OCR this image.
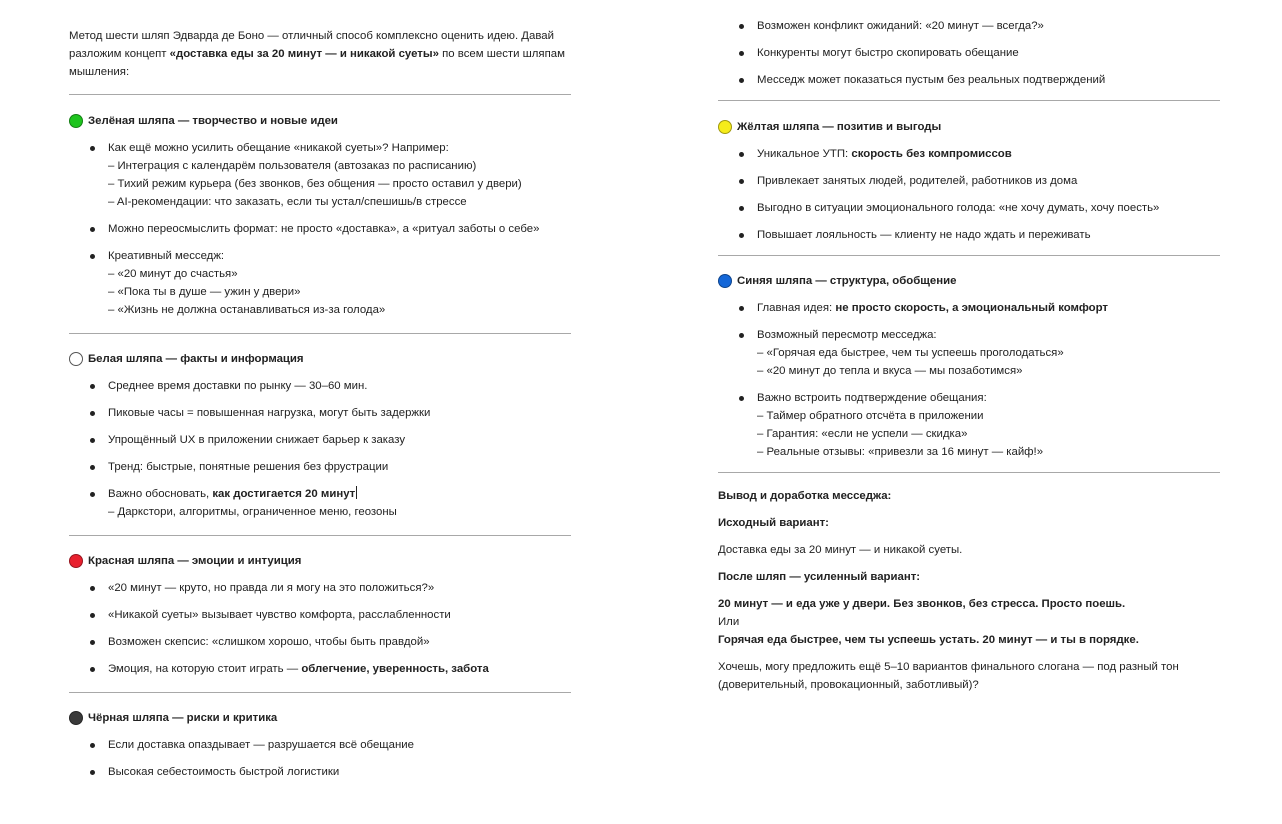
Метод шести шляп Эдварда де Боно — отличный способ комплексно оценить идею. Давай разложим концепт «доставка еды за 20 минут — и никакой суеты» по всем шести шляпам мышления:

Зелёная шляпа — творчество и новые идеи
Как ещё можно усилить обещание «никакой суеты»? Например:
– Интеграция с календарём пользователя (автозаказ по расписанию)
– Тихий режим курьера (без звонков, без общения — просто оставил у двери)
– AI-рекомендации: что заказать, если ты устал/спешишь/в стрессе
Можно переосмыслить формат: не просто «доставка», а «ритуал заботы о себе»
Креативный месседж:
– «20 минут до счастья»
– «Пока ты в душе — ужин у двери»
– «Жизнь не должна останавливаться из-за голода»
Белая шляпа — факты и информация
Среднее время доставки по рынку — 30–60 мин.
Пиковые часы = повышенная нагрузка, могут быть задержки
Упрощённый UX в приложении снижает барьер к заказу
Тренд: быстрые, понятные решения без фрустрации
Важно обосновать, как достигается 20 минут
– Даркстори, алгоритмы, ограниченное меню, геозоны
Красная шляпа — эмоции и интуиция
«20 минут — круто, но правда ли я могу на это положиться?»
«Никакой суеты» вызывает чувство комфорта, расслабленности
Возможен скепсис: «слишком хорошо, чтобы быть правдой»
Эмоция, на которую стоит играть — облегчение, уверенность, забота
Чёрная шляпа — риски и критика
Если доставка опаздывает — разрушается всё обещание
Высокая себестоимость быстрой логистики
Возможен конфликт ожиданий: «20 минут — всегда?»
Конкуренты могут быстро скопировать обещание
Месседж может показаться пустым без реальных подтверждений
Жёлтая шляпа — позитив и выгоды
Уникальное УТП: скорость без компромиссов
Привлекает занятых людей, родителей, работников из дома
Выгодно в ситуации эмоционального голода: «не хочу думать, хочу поесть»
Повышает лояльность — клиенту не надо ждать и переживать
Синяя шляпа — структура, обобщение
Главная идея: не просто скорость, а эмоциональный комфорт
Возможный пересмотр месседжа:
– «Горячая еда быстрее, чем ты успеешь проголодаться»
– «20 минут до тепла и вкуса — мы позаботимся»
Важно встроить подтверждение обещания:
– Таймер обратного отсчёта в приложении
– Гарантия: «если не успели — скидка»
– Реальные отзывы: «привезли за 16 минут — кайф!»

Вывод и доработка месседжа:

Исходный вариант:

Доставка еды за 20 минут — и никакой суеты.

После шляп — усиленный вариант:

20 минут — и еда уже у двери. Без звонков, без стресса. Просто поешь.
Или
Горячая еда быстрее, чем ты успеешь устать. 20 минут — и ты в порядке.

Хочешь, могу предложить ещё 5–10 вариантов финального слогана — под разный тон (доверительный, провокационный, заботливый)?
